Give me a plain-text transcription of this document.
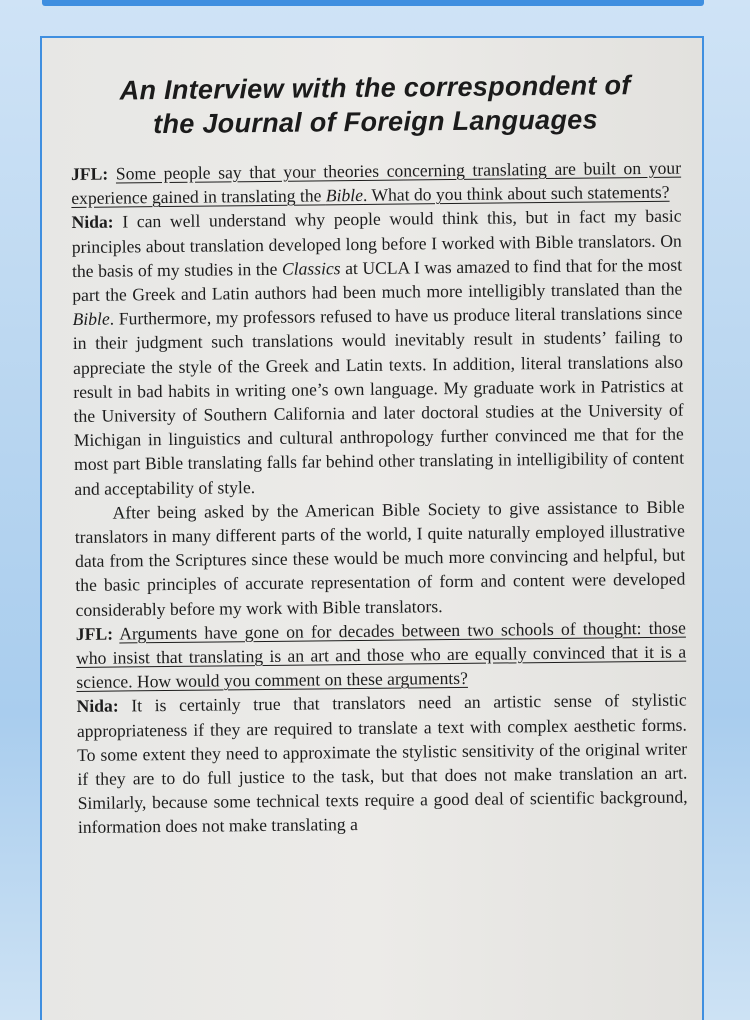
An Interview with the correspondent of
the Journal of Foreign Languages

JFL: Some people say that your theories concerning translating are built on your experience gained in translating the Bible. What do you think about such statements?

Nida: I can well understand why people would think this, but in fact my basic principles about translation developed long before I worked with Bible translators. On the basis of my studies in the Classics at UCLA I was amazed to find that for the most part the Greek and Latin authors had been much more intelligibly translated than the Bible. Furthermore, my professors refused to have us produce literal translations since in their judgment such translations would inevitably result in students’ failing to appreciate the style of the Greek and Latin texts. In addition, literal translations also result in bad habits in writing one’s own language. My graduate work in Patristics at the University of Southern California and later doctoral studies at the University of Michigan in linguistics and cultural anthropology further convinced me that for the most part Bible translating falls far behind other translating in intelligibility of content and acceptability of style.

After being asked by the American Bible Society to give assistance to Bible translators in many different parts of the world, I quite naturally employed illustrative data from the Scriptures since these would be much more convincing and helpful, but the basic principles of accurate representation of form and content were developed considerably before my work with Bible translators.

JFL: Arguments have gone on for decades between two schools of thought: those who insist that translating is an art and those who are equally convinced that it is a science. How would you comment on these arguments?

Nida: It is certainly true that translators need an artistic sense of stylistic appropriateness if they are required to translate a text with complex aesthetic forms. To some extent they need to approximate the stylistic sensitivity of the original writer if they are to do full justice to the task, but that does not make translation an art. Similarly, because some technical texts require a good deal of scientific background, information does not make translating a
